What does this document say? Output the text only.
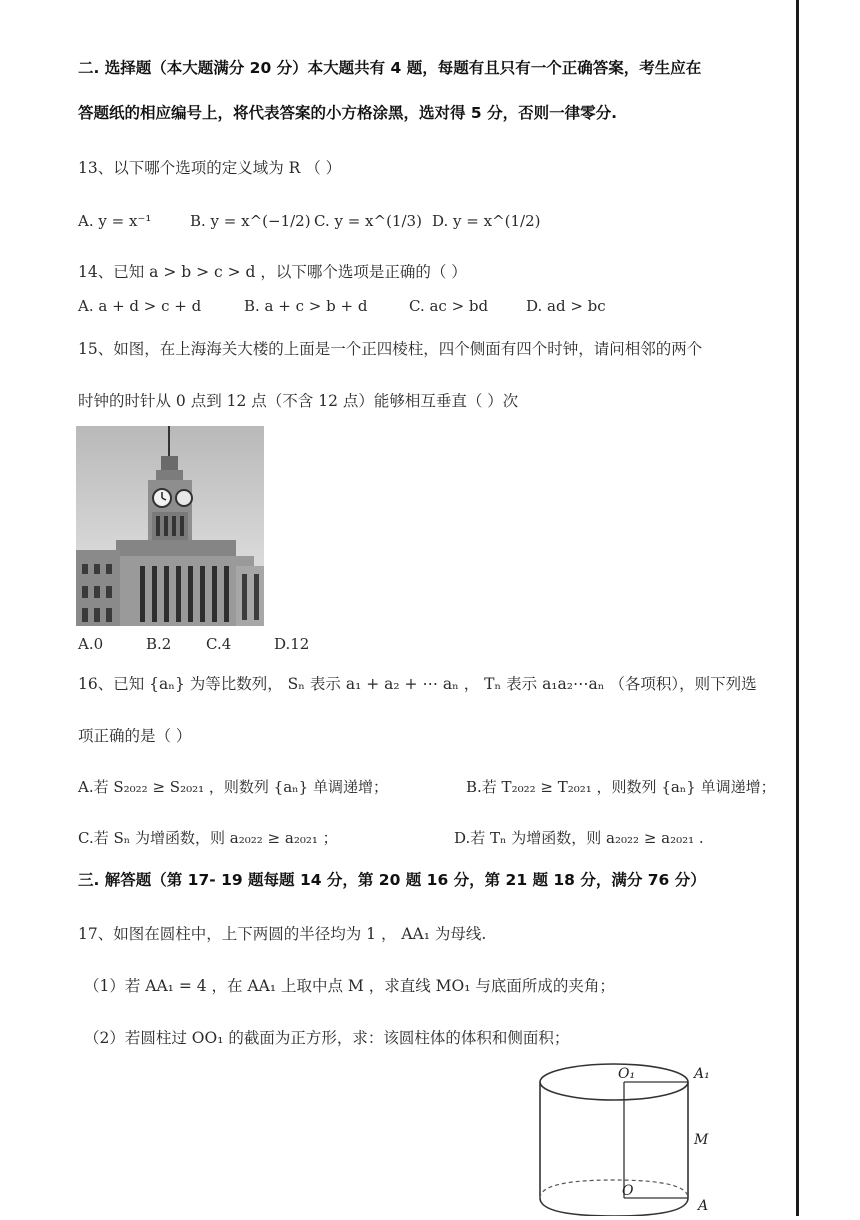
二. 选择题（本大题满分 20 分）本大题共有 4 题，每题有且只有一个正确答案，考生应在
答题纸的相应编号上，将代表答案的小方格涂黑，选对得 5 分，否则一律零分.
13、以下哪个选项的定义域为 R （ ）
A. y = x⁻¹	B. y = x^(−1/2) C. y = x^(1/3) D. y = x^(1/2)
14、已知 a > b > c > d ，以下哪个选项是正确的（ ）
A. a + d > c + d	B. a + c > b + d	C. ac > bd	D. ad > bc
15、如图，在上海海关大楼的上面是一个正四棱柱，四个侧面有四个时钟，请问相邻的两个
时钟的时针从 0 点到 12 点（不含 12 点）能够相互垂直（ ）次
A.0	B.2 C.4	D.12
16、已知 {aₙ} 为等比数列， Sₙ 表示 a₁ + a₂ + ⋯ aₙ ， Tₙ 表示 a₁a₂⋯aₙ （各项积），则下列选
项正确的是（ ）
A.若 S₂₀₂₂ ≥ S₂₀₂₁ ，则数列 {aₙ} 单调递增；	B.若 T₂₀₂₂ ≥ T₂₀₂₁ ，则数列 {aₙ} 单调递增；
C.若 Sₙ 为增函数，则 a₂₀₂₂ ≥ a₂₀₂₁ ；	D.若 Tₙ 为增函数，则 a₂₀₂₂ ≥ a₂₀₂₁ .
三. 解答题（第 17- 19 题每题 14 分，第 20 题 16 分，第 21 题 18 分，满分 76 分）
17、如图在圆柱中，上下两圆的半径均为 1 ， AA₁ 为母线.
（1）若 AA₁ = 4 ，在 AA₁ 上取中点 M ，求直线 MO₁ 与底面所成的夹角；
（2）若圆柱过 OO₁ 的截面为正方形，求：该圆柱体的体积和侧面积；
O₁	A₁
M
O
A
